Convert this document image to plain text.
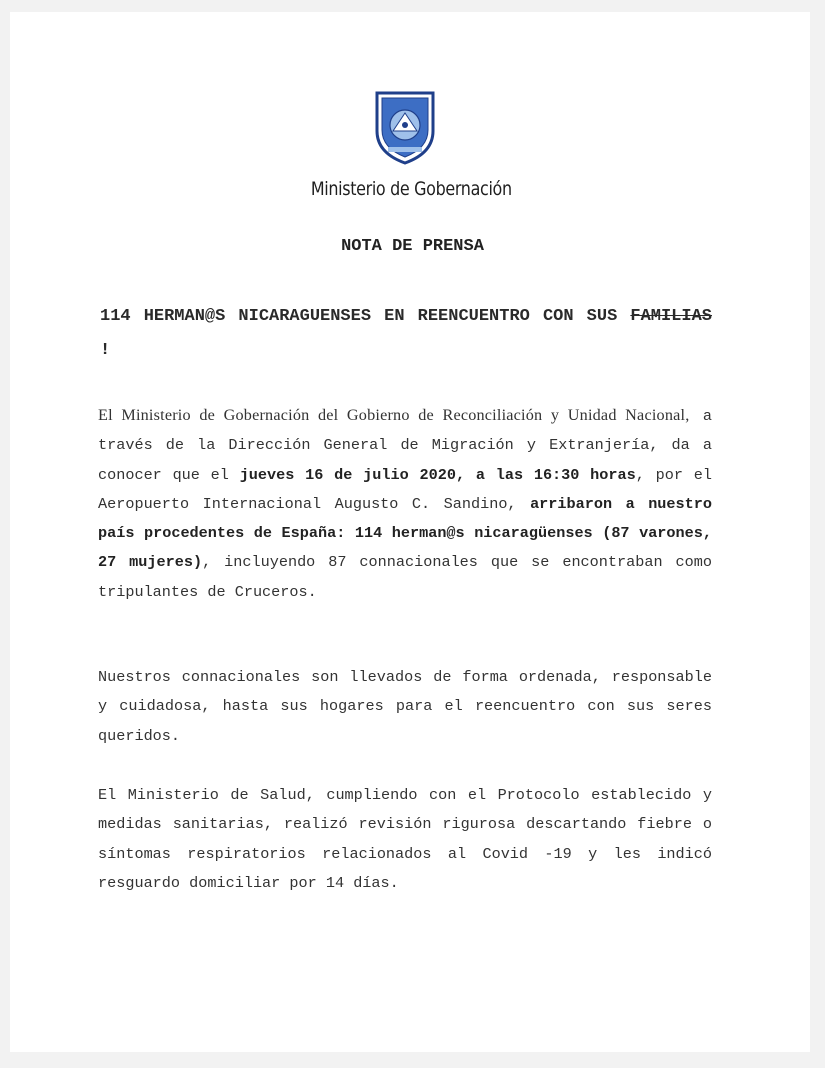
Ministerio de Gobernación
NOTA DE PRENSA
114 HERMAN@S NICARAGUENSES EN REENCUENTRO CON SUS FAMILIAS !
El Ministerio de Gobernación del Gobierno de Reconciliación y Unidad Nacional, a través de la Dirección General de Migración y Extranjería, da a conocer que el jueves 16 de julio 2020, a las 16:30 horas, por el Aeropuerto Internacional Augusto C. Sandino, arribaron a nuestro país procedentes de España: 114 herman@s nicaragüenses (87 varones, 27 mujeres), incluyendo 87 connacionales que se encontraban como tripulantes de Cruceros.
Nuestros connacionales son llevados de forma ordenada, responsable y cuidadosa, hasta sus hogares para el reencuentro con sus seres queridos.
El Ministerio de Salud, cumpliendo con el Protocolo establecido y medidas sanitarias, realizó revisión rigurosa descartando fiebre o síntomas respiratorios relacionados al Covid -19 y les indicó resguardo domiciliar por 14 días.
